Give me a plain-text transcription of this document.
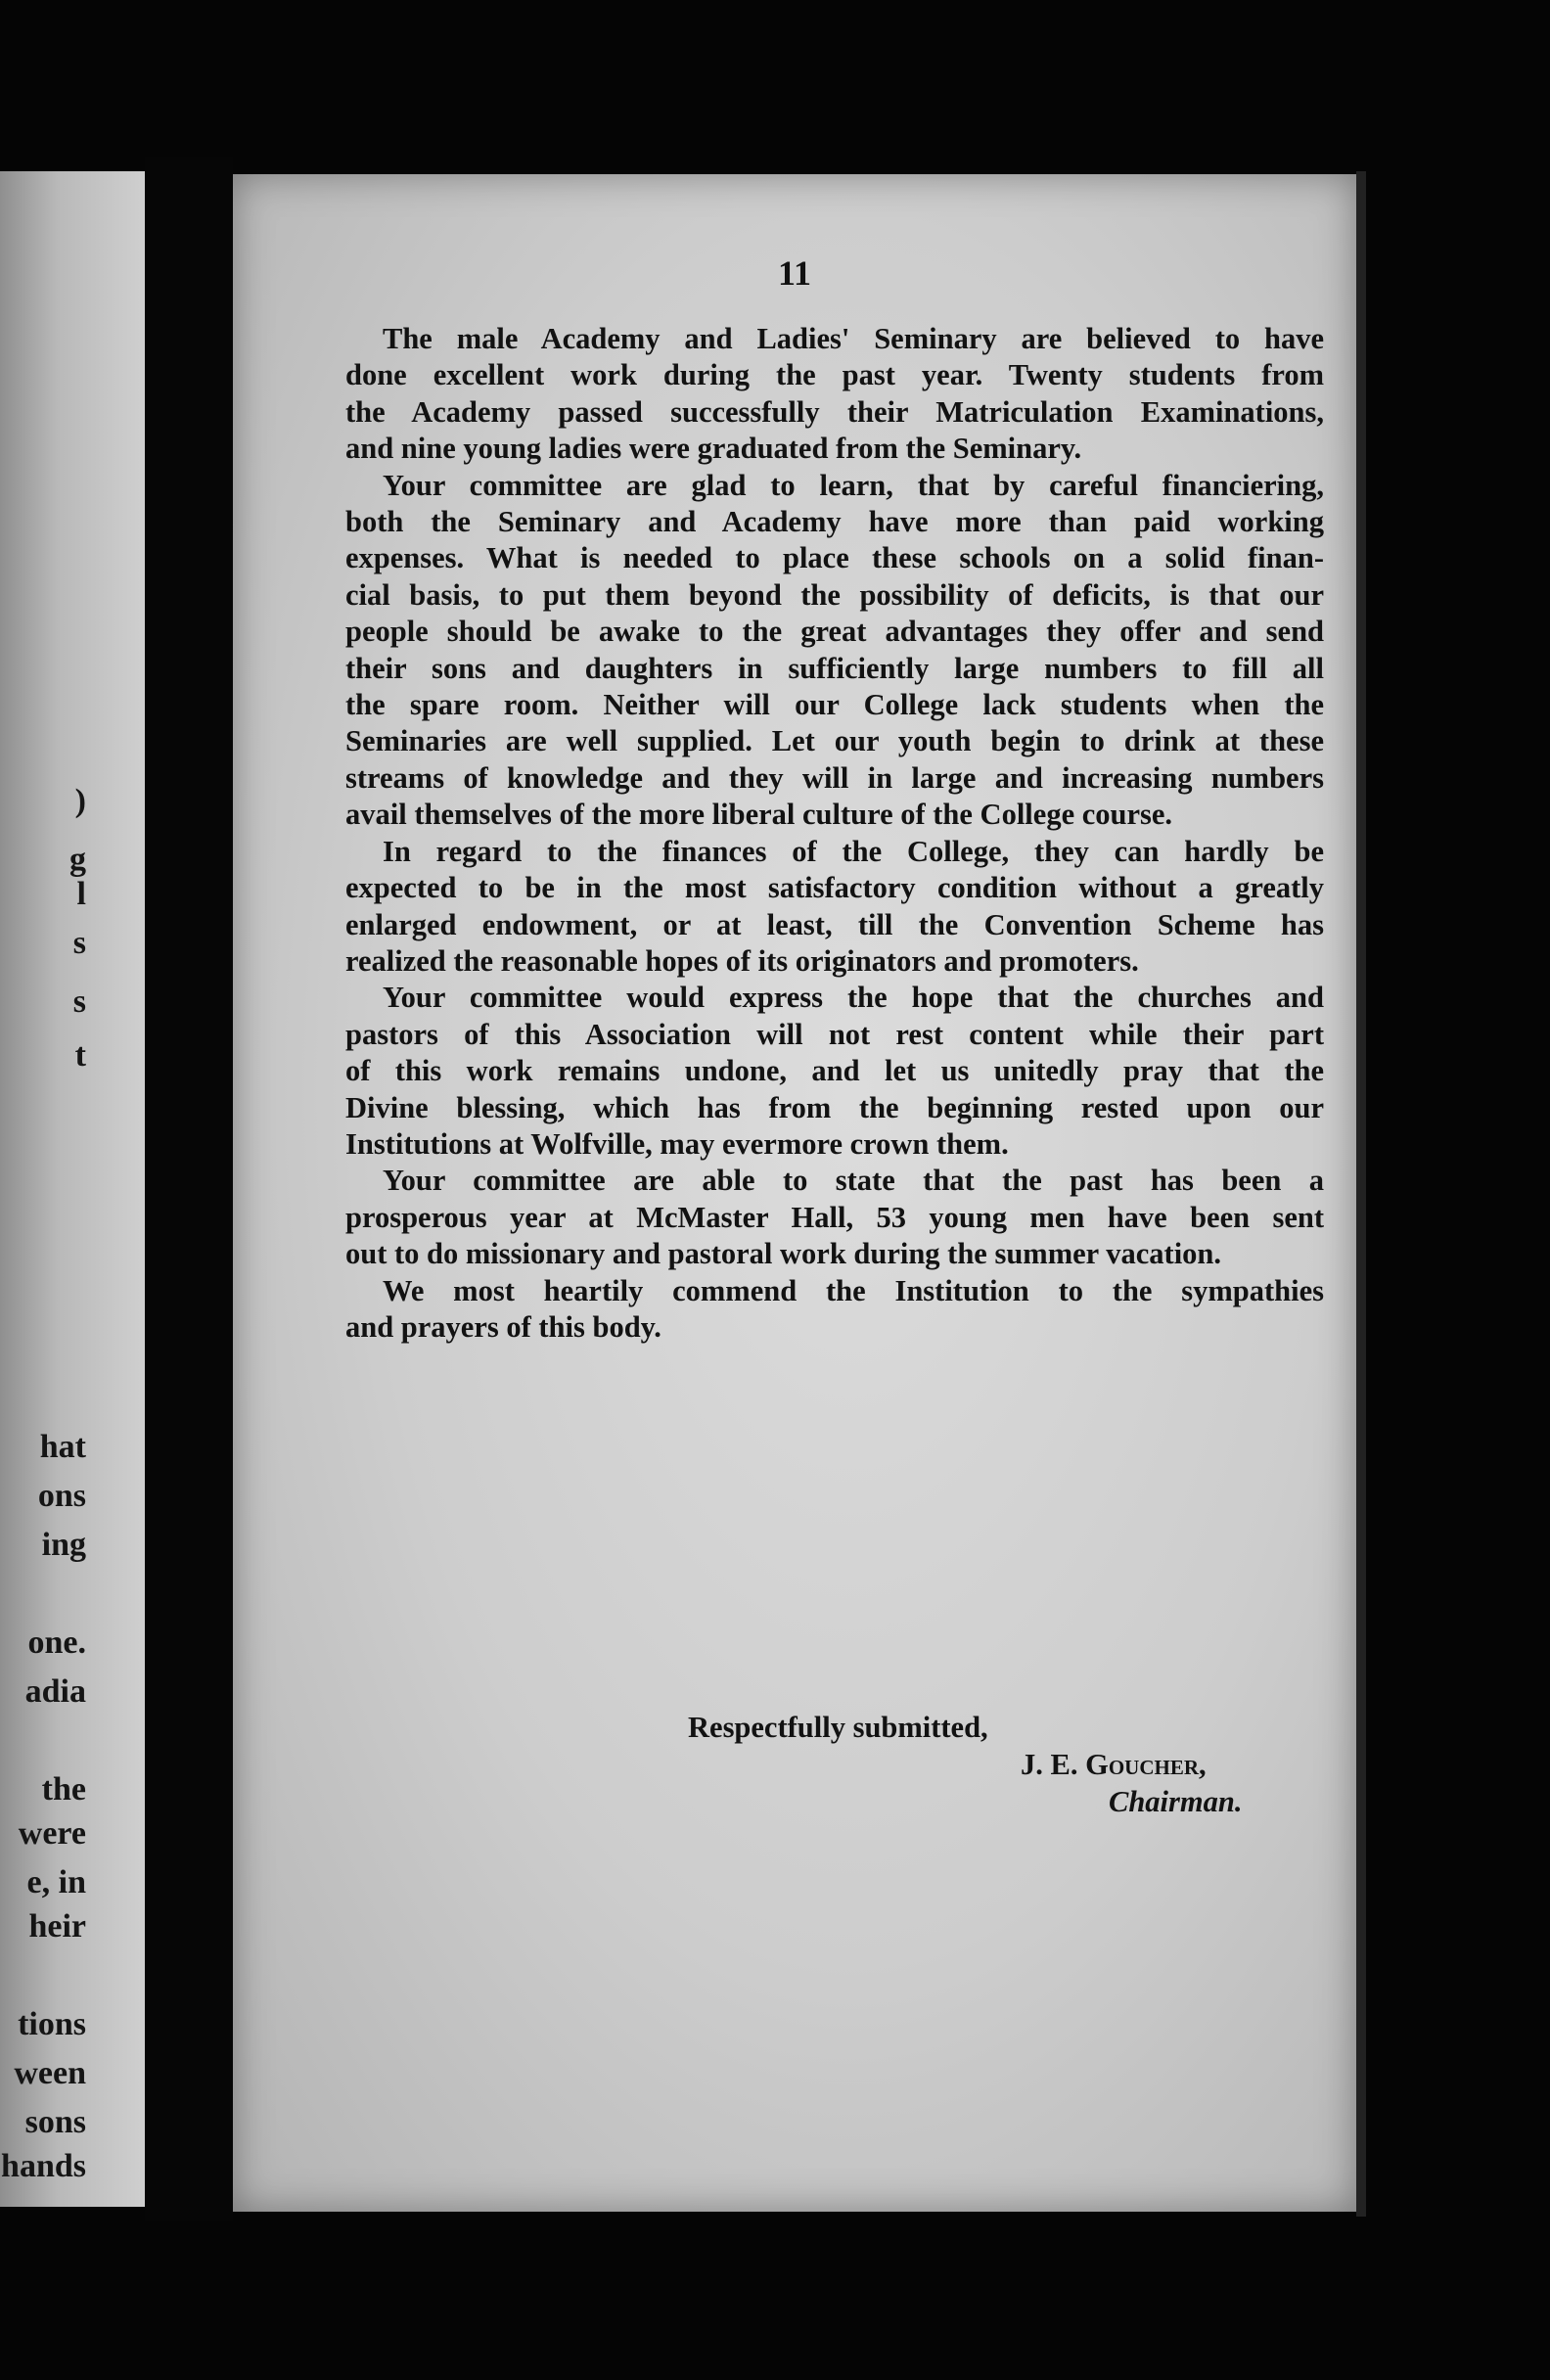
)
g
l
s
s
t
hat
ons
ing
one.
adia
the
were
e, in
heir
tions
ween
sons
hands
11
The male Academy and Ladies' Seminary are believed to have
done excellent work during the past year. Twenty students from
the Academy passed successfully their Matriculation Examinations,
and nine young ladies were graduated from the Seminary.
Your committee are glad to learn, that by careful financiering,
both the Seminary and Academy have more than paid working
expenses. What is needed to place these schools on a solid finan-
cial basis, to put them beyond the possibility of deficits, is that our
people should be awake to the great advantages they offer and send
their sons and daughters in sufficiently large numbers to fill all
the spare room. Neither will our College lack students when the
Seminaries are well supplied. Let our youth begin to drink at these
streams of knowledge and they will in large and increasing numbers
avail themselves of the more liberal culture of the College course.
In regard to the finances of the College, they can hardly be
expected to be in the most satisfactory condition without a greatly
enlarged endowment, or at least, till the Convention Scheme has
realized the reasonable hopes of its originators and promoters.
Your committee would express the hope that the churches and
pastors of this Association will not rest content while their part
of this work remains undone, and let us unitedly pray that the
Divine blessing, which has from the beginning rested upon our
Institutions at Wolfville, may evermore crown them.
Your committee are able to state that the past has been a
prosperous year at McMaster Hall, 53 young men have been sent
out to do missionary and pastoral work during the summer vacation.
We most heartily commend the Institution to the sympathies
and prayers of this body.
Respectfully submitted,
J. E. Goucher,
Chairman.
